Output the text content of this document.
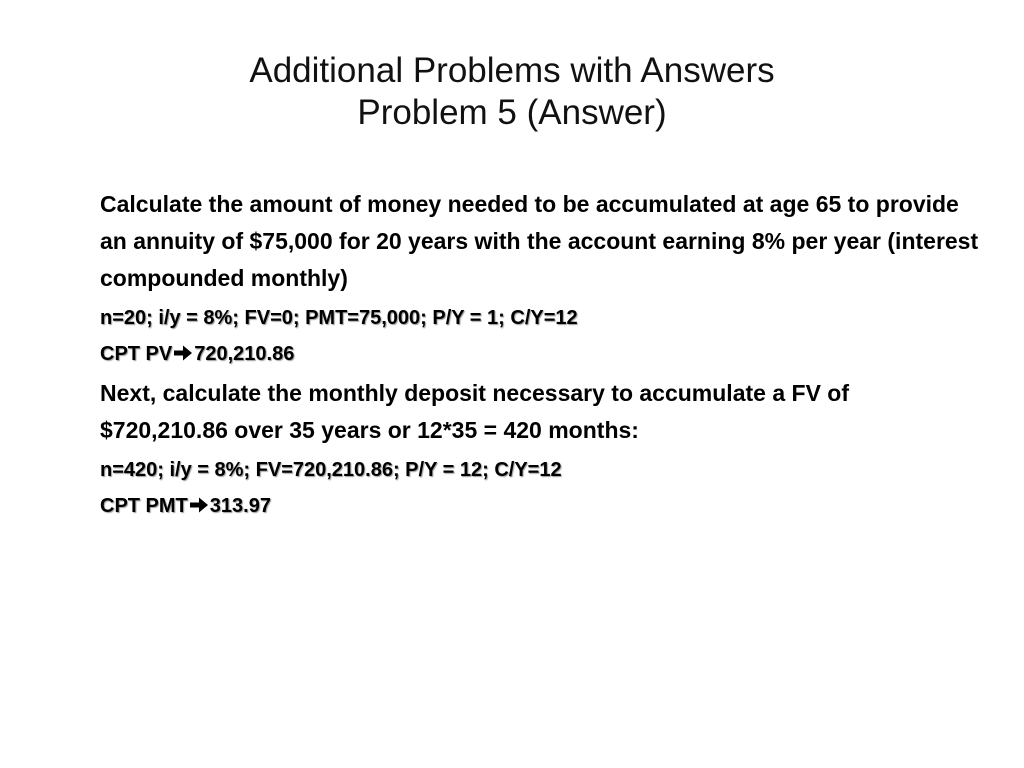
Additional Problems with Answers
Problem 5 (Answer)

Calculate the amount of money needed to be accumulated at age 65 to provide an annuity of $75,000 for 20 years with the account earning 8% per year (interest compounded monthly)

n=20; i/y = 8%; FV=0; PMT=75,000; P/Y = 1; C/Y=12

CPT PV 720,210.86

Next, calculate the monthly deposit necessary to accumulate a FV of $720,210.86 over 35 years or 12*35 = 420 months:

n=420; i/y = 8%; FV=720,210.86; P/Y = 12; C/Y=12

CPT PMT 313.97
